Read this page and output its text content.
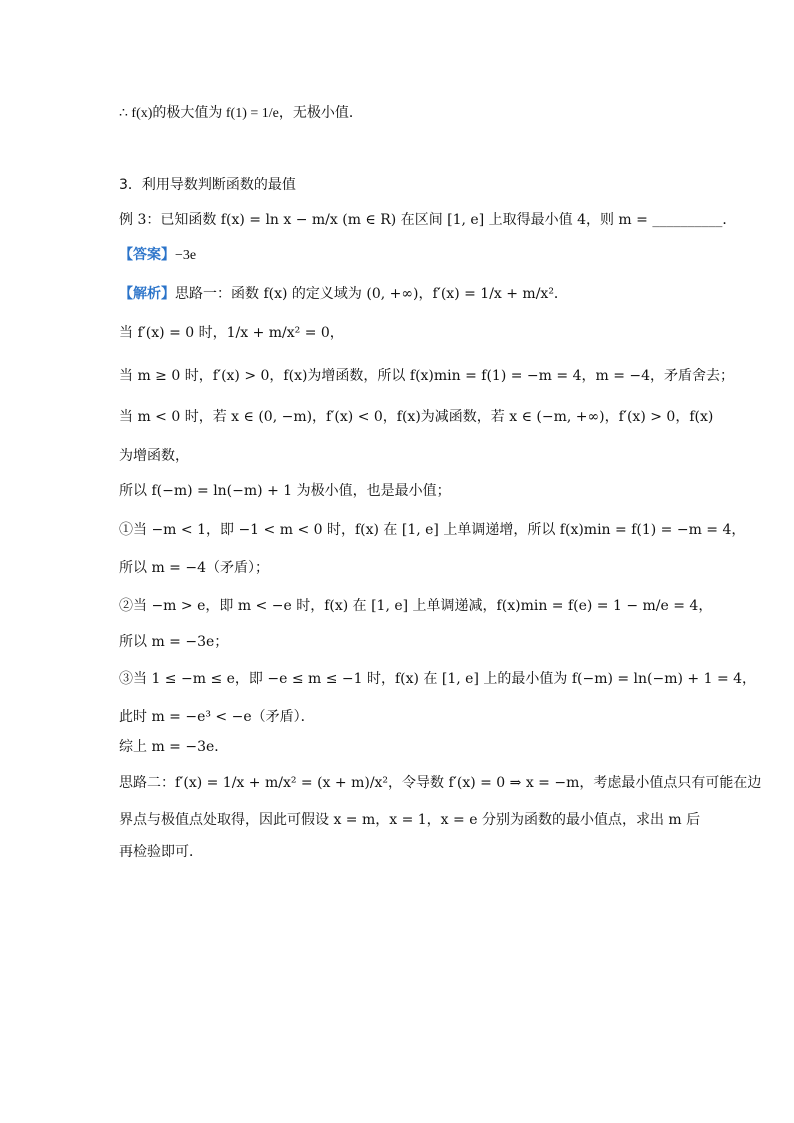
∴ f(x)的极大值为 f(1) = 1/e，无极小值．
3．利用导数判断函数的最值
例 3：已知函数 f(x) = ln x − m/x (m ∈ R) 在区间 [1, e] 上取得最小值 4，则 m = __________．
【答案】−3e
【解析】思路一：函数 f(x) 的定义域为 (0, +∞)，f′(x) = 1/x + m/x²．
当 f′(x) = 0 时，1/x + m/x² = 0，
当 m ≥ 0 时，f′(x) > 0，f(x)为增函数，所以 f(x)min = f(1) = −m = 4，m = −4，矛盾舍去；
当 m < 0 时，若 x ∈ (0, −m)，f′(x) < 0，f(x)为减函数，若 x ∈ (−m, +∞)，f′(x) > 0，f(x)
为增函数，
所以 f(−m) = ln(−m) + 1 为极小值，也是最小值；
①当 −m < 1，即 −1 < m < 0 时，f(x) 在 [1, e] 上单调递增，所以 f(x)min = f(1) = −m = 4，
所以 m = −4（矛盾）；
②当 −m > e，即 m < −e 时，f(x) 在 [1, e] 上单调递减，f(x)min = f(e) = 1 − m/e = 4，
所以 m = −3e；
③当 1 ≤ −m ≤ e，即 −e ≤ m ≤ −1 时，f(x) 在 [1, e] 上的最小值为 f(−m) = ln(−m) + 1 = 4，
此时 m = −e³ < −e（矛盾）．
综上 m = −3e．
思路二：f′(x) = 1/x + m/x² = (x + m)/x²，令导数 f′(x) = 0 ⇒ x = −m，考虑最小值点只有可能在边
界点与极值点处取得，因此可假设 x = m，x = 1，x = e 分别为函数的最小值点，求出 m 后
再检验即可．
